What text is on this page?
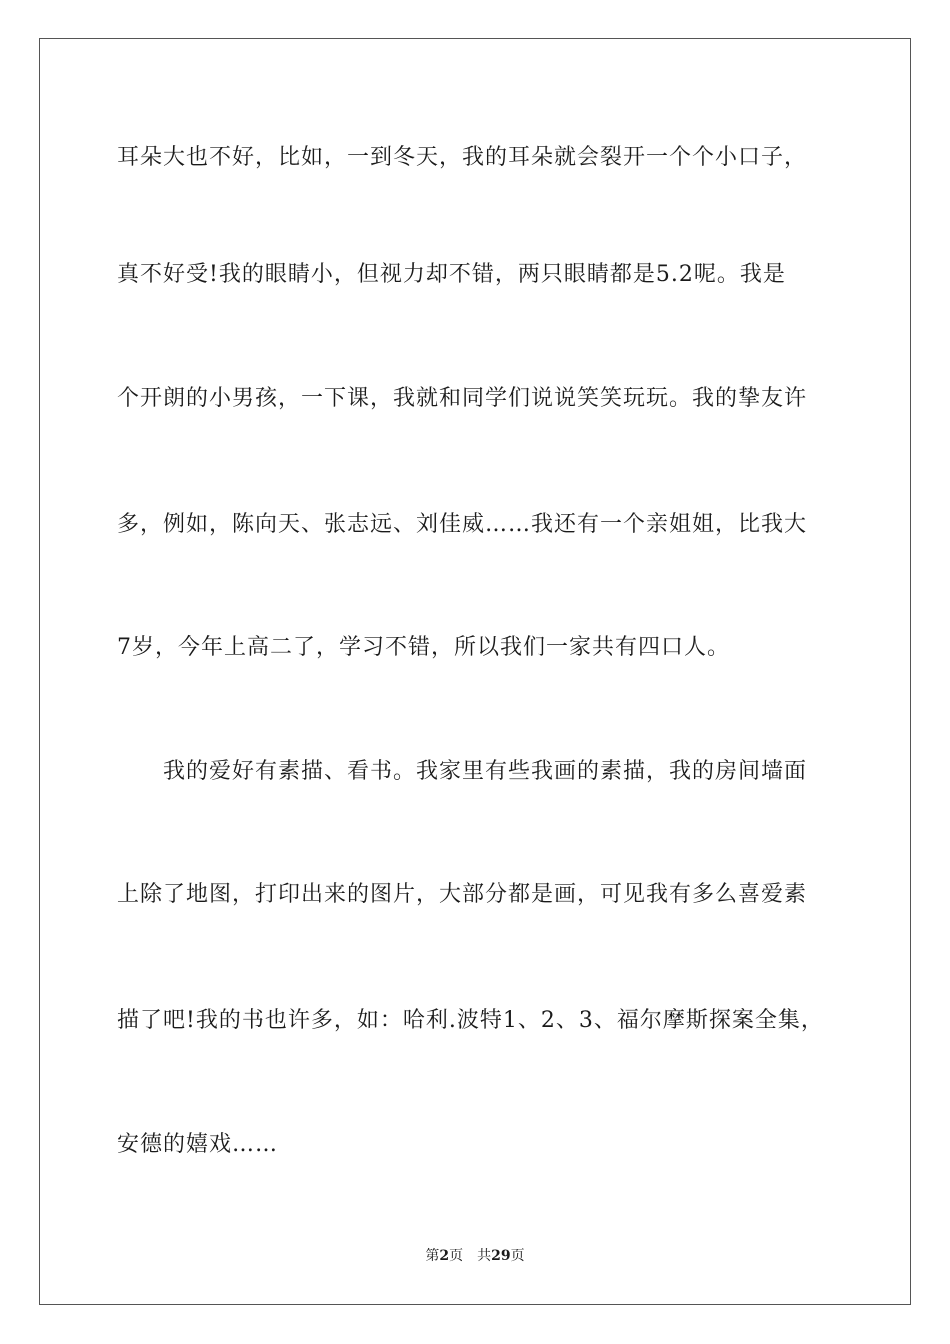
耳朵大也不好，比如，一到冬天，我的耳朵就会裂开一个个小口子，
真不好受!我的眼睛小，但视力却不错，两只眼睛都是5.2呢。我是
个开朗的小男孩，一下课，我就和同学们说说笑笑玩玩。我的挚友许
多，例如，陈向天、张志远、刘佳威……我还有一个亲姐姐，比我大
7岁，今年上高二了，学习不错，所以我们一家共有四口人。
　　我的爱好有素描、看书。我家里有些我画的素描，我的房间墙面
上除了地图，打印出来的图片，大部分都是画，可见我有多么喜爱素
描了吧!我的书也许多，如：哈利.波特1、2、3、福尔摩斯探案全集，
安德的嬉戏……
第2页 共29页
